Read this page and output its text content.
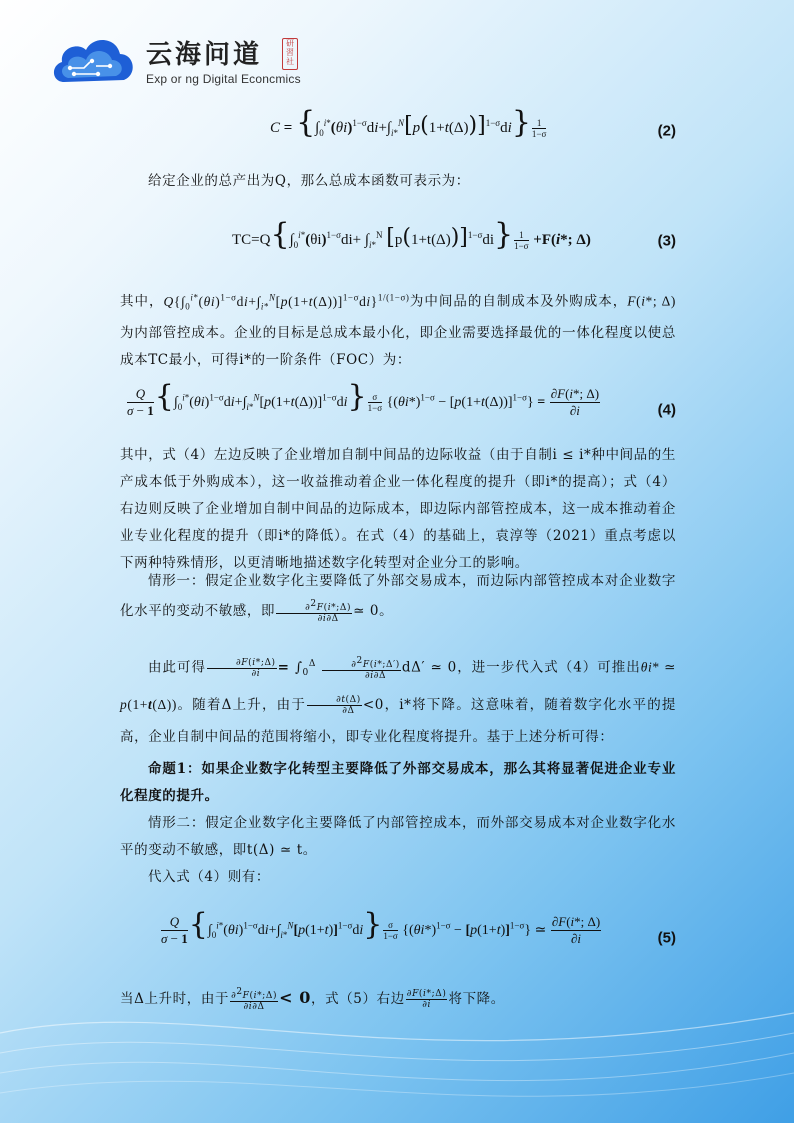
云海问道
Exp or ng Digital Econcmics
研習社
$C = \{\int_0^{i*}(\theta i)^{1-\sigma}di+\int_{i*}^N[p(1+t(\Delta))]^{1-\sigma}di\} \frac{1}{1-\sigma}$	(2)
给定企业的总产出为Q，那么总成本函数可表示为：
$TC=Q\{\int_0^{i*}(\theta i)^{1-\sigma}di+ \int_{i*}^N$ $[p(1+t(\Delta))]^{1-\sigma}di\} \frac{1}{1-\sigma} +F(i*$; Δ)	(3)
其中，$Q\{\int_0^{i*}(\theta i)^{1-\sigma}di+\int_{i*}^N[p(1+t(\Delta))]^{1-\sigma}di\}^{1/(1-\sigma)}$为中间品的自制成本及外购成本，F(i*; Δ)为内部管控成本。企业的目标是总成本最小化，即企业需要选择最优的一体化程度以使总成本TC最小，可得i*的一阶条件（FOC）为：
$\frac{Q}{\sigma - 1} \{\int_0^{i*}(\theta i)^{1-\sigma}di+\int_{i*}^N[p(1+t(\Delta))]^{1-\sigma}di\} \frac{\sigma}{1-\sigma} \{(\theta i*)^{1-\sigma} - [p(1+t(\Delta))]^{1-\sigma}\} = \frac{\partial F(i*; \Delta)}{\partial i}$	(4)
其中，式（4）左边反映了企业增加自制中间品的边际收益（由于自制i ≤ i*种中间品的生产成本低于外购成本），这一收益推动着企业一体化程度的提升（即i*的提高）；式（4）右边则反映了企业增加自制中间品的边际成本，即边际内部管控成本，这一成本推动着企业专业化程度的提升（即i*的降低）。在式（4）的基础上，袁淳等（2021）重点考虑以下两种特殊情形，以更清晰地描述数字化转型对企业分工的影响。
情形一：假定企业数字化主要降低了外部交易成本，而边际内部管控成本对企业数字化水平的变动不敏感，即 $\frac{\partial^2F(i*;\Delta)}{\partial i\partial\Delta}$ ≃ 0。
由此可得 $\frac{\partial F(i*;\Delta)}{\partial i} = \int_0^\Delta \frac{\partial^2F(i*;\Delta')}{\partial i\partial\Delta} d\Delta'$ ≃ 0，进一步代入式（4）可推出θi* ≃ p(1+t(Δ))。随着Δ上升，由于 $\frac{\partial t(\Delta)}{\partial\Delta} <0$，i*将下降。这意味着，随着数字化水平的提高，企业自制中间品的范围将缩小，即专业化程度将提升。基于上述分析可得：
命题1：如果企业数字化转型主要降低了外部交易成本，那么其将显著促进企业专业化程度的提升。
情形二：假定企业数字化主要降低了内部管控成本，而外部交易成本对企业数字化水平的变动不敏感，即t(Δ) ≃ t。
代入式（4）则有：
$\frac{Q}{\sigma - 1} \{\int_0^{i*}(\theta i)^{1-\sigma}di+\int_{i*}^N[p(1+t)]^{1-\sigma}di\} \frac{\sigma}{1-\sigma} \{(\theta i*)^{1-\sigma} - [p(1+t)]^{1-\sigma}\}$ ≃ $\frac{\partial F(i*; \Delta)}{\partial i}$	(5)
当Δ上升时，由于 $\frac{\partial^2F(i*;\Delta)}{\partial i\partial\Delta} < 0$，式（5）右边 $\frac{\partial F(i*;\Delta)}{\partial i}$ 将下降。
